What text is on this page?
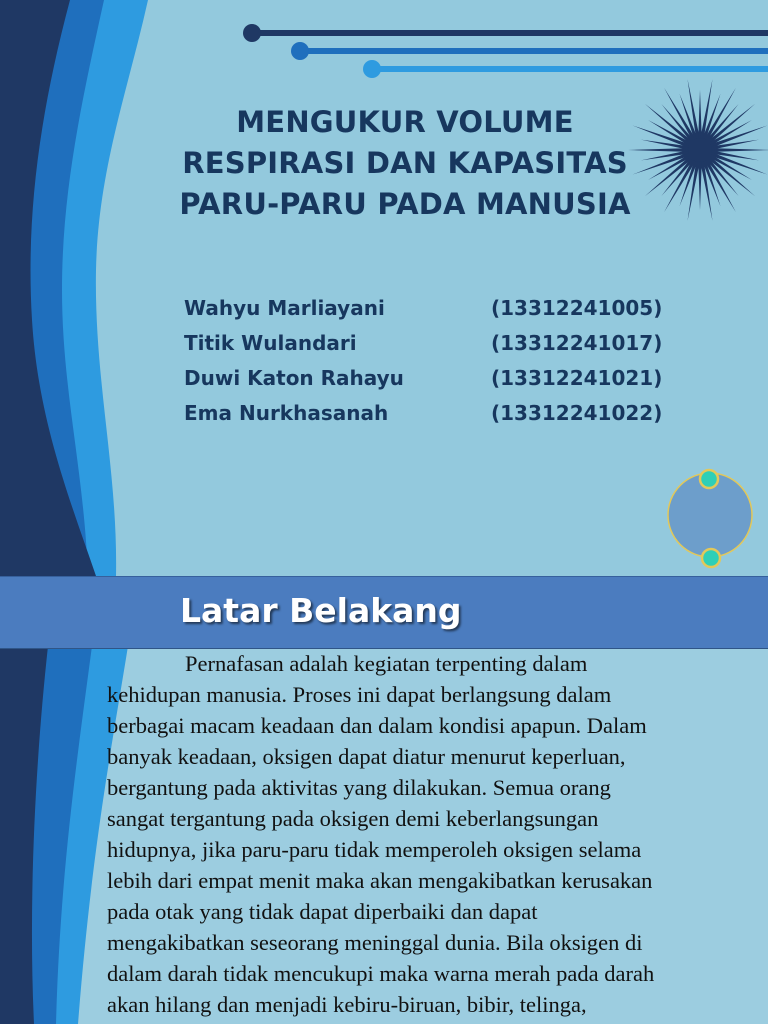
MENGUKUR VOLUME
RESPIRASI DAN KAPASITAS
PARU-PARU PADA MANUSIA
Wahyu Marliayani	(13312241005)
Titik Wulandari	(13312241017)
Duwi Katon Rahayu	(13312241021)
Ema Nurkhasanah	(13312241022)
Latar Belakang
Pernafasan adalah kegiatan terpenting dalam
kehidupan manusia. Proses ini dapat berlangsung dalam
berbagai macam keadaan dan dalam kondisi apapun. Dalam
banyak keadaan, oksigen dapat diatur menurut keperluan,
bergantung pada aktivitas yang dilakukan. Semua orang
sangat tergantung pada oksigen demi keberlangsungan
hidupnya, jika paru-paru tidak memperoleh oksigen selama
lebih dari empat menit maka akan mengakibatkan kerusakan
pada otak yang tidak dapat diperbaiki dan dapat
mengakibatkan seseorang meninggal dunia. Bila oksigen di
dalam darah tidak mencukupi maka warna merah pada darah
akan hilang dan menjadi kebiru-biruan, bibir, telinga,
